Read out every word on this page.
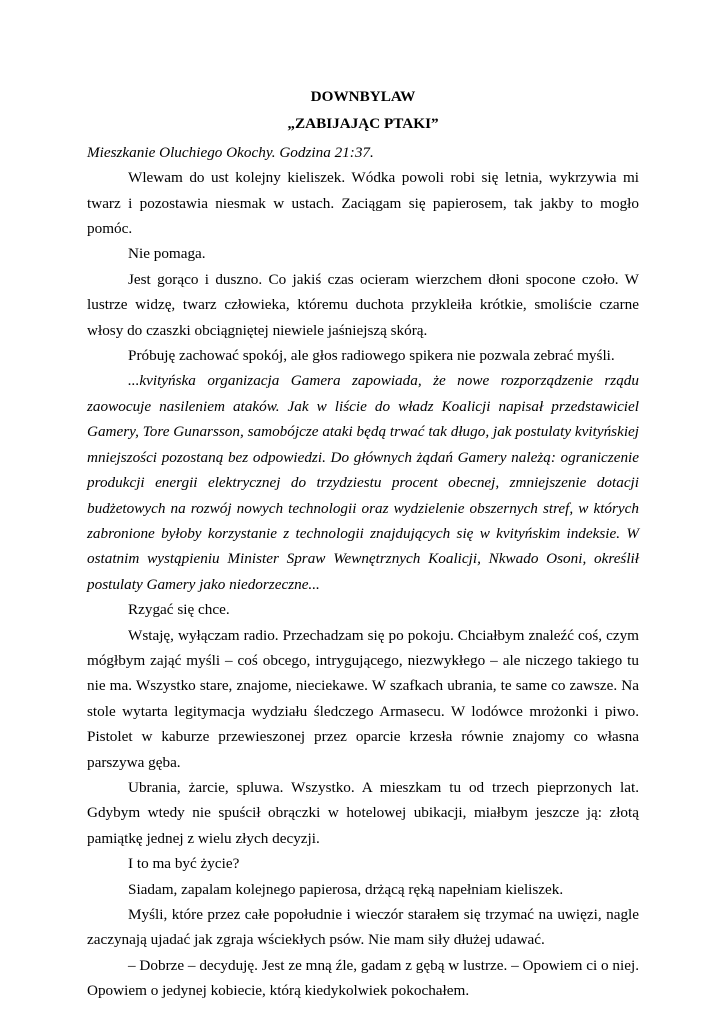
DOWNBYLAW
„ZABIJAJĄC PTAKI”
Mieszkanie Oluchiego Okochy. Godzina 21:37.

Wlewam do ust kolejny kieliszek. Wódka powoli robi się letnia, wykrzywia mi twarz i pozostawia niesmak w ustach. Zaciągam się papierosem, tak jakby to mogło pomóc.

Nie pomaga.

Jest gorąco i duszno. Co jakiś czas ocieram wierzchem dłoni spocone czoło. W lustrze widzę, twarz człowieka, któremu duchota przykleiła krótkie, smoliście czarne włosy do czaszki obciągniętej niewiele jaśniejszą skórą.

Próbuję zachować spokój, ale głos radiowego spikera nie pozwala zebrać myśli.

...kvityńska organizacja Gamera zapowiada, że nowe rozporządzenie rządu zaowocuje nasileniem ataków. Jak w liście do władz Koalicji napisał przedstawiciel Gamery, Tore Gunarsson, samobójcze ataki będą trwać tak długo, jak postulaty kvityńskiej mniejszości pozostaną bez odpowiedzi. Do głównych żądań Gamery należą: ograniczenie produkcji energii elektrycznej do trzydziestu procent obecnej, zmniejszenie dotacji budżetowych na rozwój nowych technologii oraz wydzielenie obszernych stref, w których zabronione byłoby korzystanie z technologii znajdujących się w kvityńskim indeksie. W ostatnim wystąpieniu Minister Spraw Wewnętrznych Koalicji, Nkwado Osoni, określił postulaty Gamery jako niedorzeczne...

Rzygać się chce.

Wstaję, wyłączam radio. Przechadzam się po pokoju. Chciałbym znaleźć coś, czym mógłbym zająć myśli – coś obcego, intrygującego, niezwykłego – ale niczego takiego tu nie ma. Wszystko stare, znajome, nieciekawe. W szafkach ubrania, te same co zawsze. Na stole wytarta legitymacja wydziału śledczego Armasecu. W lodówce mrożonki i piwo. Pistolet w kaburze przewieszonej przez oparcie krzesła równie znajomy co własna parszywa gęba.

Ubrania, żarcie, spluwa. Wszystko. A mieszkam tu od trzech pieprzonych lat. Gdybym wtedy nie spuścił obrączki w hotelowej ubikacji, miałbym jeszcze ją: złotą pamiątkę jednej z wielu złych decyzji.

I to ma być życie?

Siadam, zapalam kolejnego papierosa, drżącą ręką napełniam kieliszek.

Myśli, które przez całe popołudnie i wieczór starałem się trzymać na uwięzi, nagle zaczynają ujadać jak zgraja wściekłych psów. Nie mam siły dłużej udawać.

– Dobrze – decyduję. Jest ze mną źle, gadam z gębą w lustrze. – Opowiem ci o niej. Opowiem o jedynej kobiecie, którą kiedykolwiek pokochałem.
